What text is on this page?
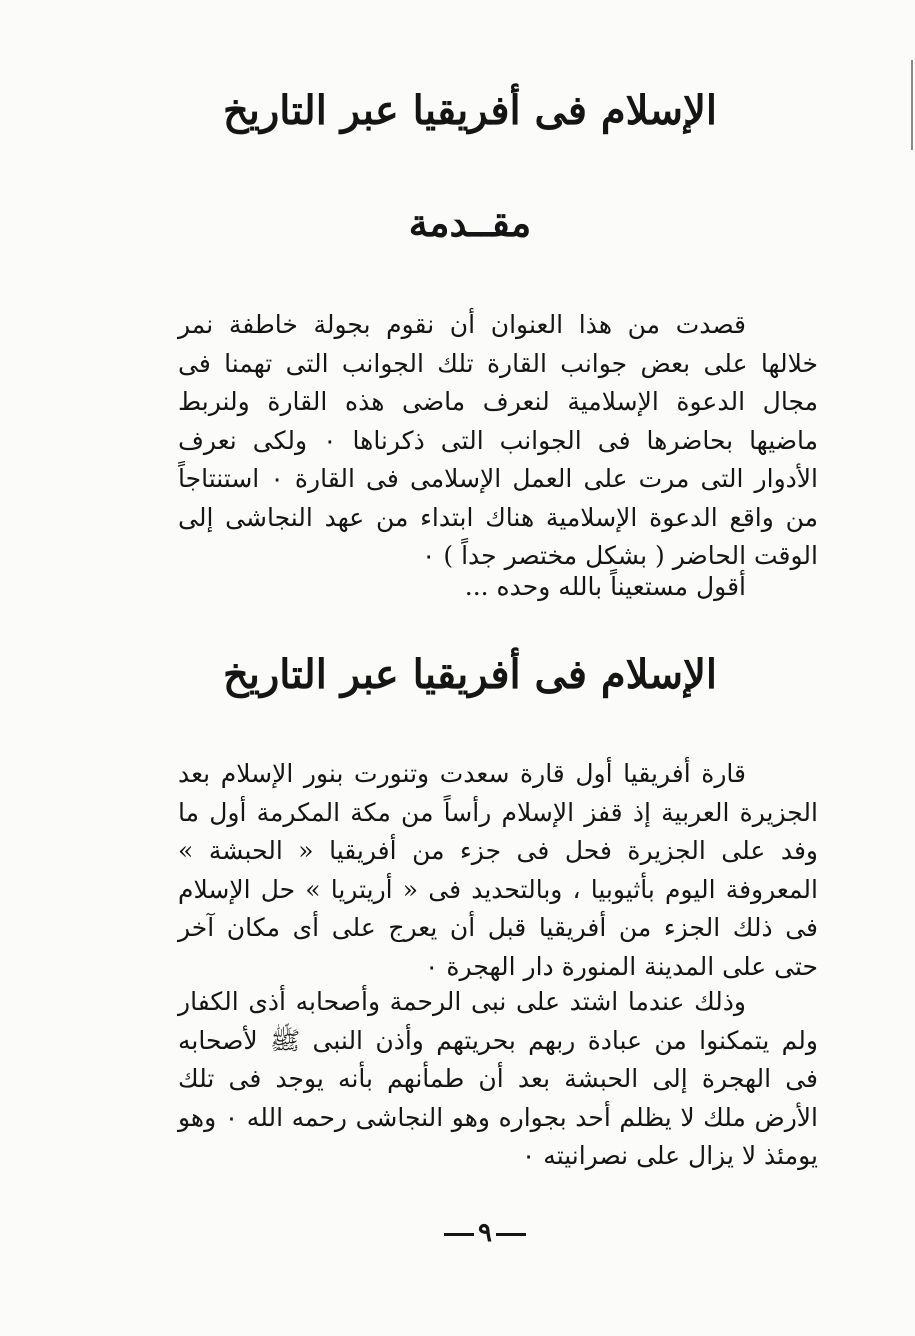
الإسلام فى أفريقيا عبر التاريخ
مقــدمة

قصدت من هذا العنوان أن نقوم بجولة خاطفة نمر خلالها على بعض جوانب القارة تلك الجوانب التى تهمنا فى مجال الدعوة الإسلامية لنعرف ماضى هذه القارة ولنربط ماضيها بحاضرها فى الجوانب التى ذكرناها ٠ ولكى نعرف الأدوار التى مرت على العمل الإسلامى فى القارة ٠ استنتاجاً من واقع الدعوة الإسلامية هناك ابتداء من عهد النجاشى إلى الوقت الحاضر ( بشكل مختصر جداً ) ٠

أقول مستعيناً بالله وحده ...

الإسلام فى أفريقيا عبر التاريخ

قارة أفريقيا أول قارة سعدت وتنورت بنور الإسلام بعد الجزيرة العربية إذ قفز الإسلام رأساً من مكة المكرمة أول ما وفد على الجزيرة فحل فى جزء من أفريقيا « الحبشة » المعروفة اليوم بأثيوبيا ، وبالتحديد فى « أريتريا » حل الإسلام فى ذلك الجزء من أفريقيا قبل أن يعرج على أى مكان آخر حتى على المدينة المنورة دار الهجرة ٠

وذلك عندما اشتد على نبى الرحمة وأصحابه أذى الكفار ولم يتمكنوا من عبادة ربهم بحريتهم وأذن النبى ﷺ لأصحابه فى الهجرة إلى الحبشة بعد أن طمأنهم بأنه يوجد فى تلك الأرض ملك لا يظلم أحد بجواره وهو النجاشى رحمه الله ٠ وهو يومئذ لا يزال على نصرانيته ٠

٩
